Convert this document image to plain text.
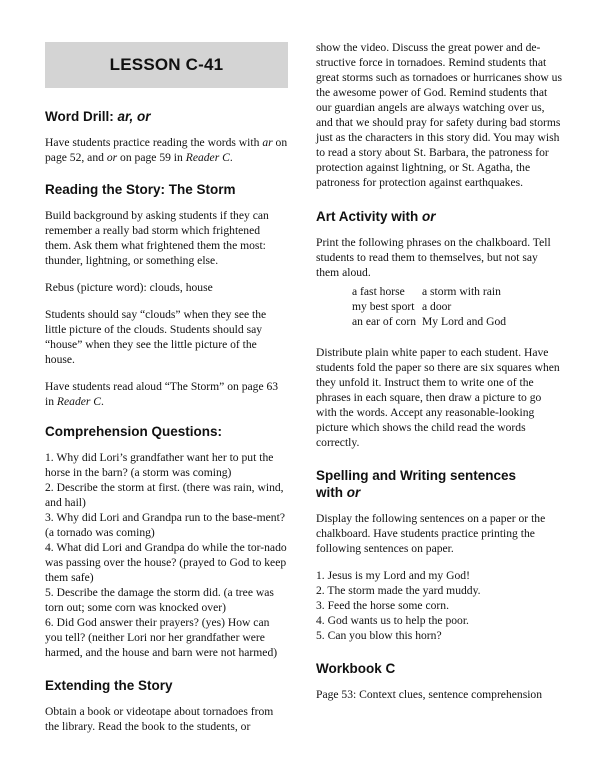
LESSON C-41
Word Drill: ar, or

Have students practice reading the words with ar on page 52, and or on page 59 in Reader C.

Reading the Story: The Storm

Build background by asking students if they can remember a really bad storm which frightened them. Ask them what frightened them the most: thunder, lightning, or something else.

Rebus (picture word): clouds, house

Students should say “clouds” when they see the little picture of the clouds. Students should say “house” when they see the little picture of the house.

Have students read aloud “The Storm” on page 63 in Reader C.

Comprehension Questions:
1. Why did Lori’s grandfather want her to put the horse in the barn? (a storm was coming)
2. Describe the storm at first. (there was rain, wind, and hail)
3. Why did Lori and Grandpa run to the base-ment? (a tornado was coming)
4. What did Lori and Grandpa do while the tor-nado was passing over the house? (prayed to God to keep them safe)
5. Describe the damage the storm did. (a tree was torn out; some corn was knocked over)
6. Did God answer their prayers? (yes) How can you tell? (neither Lori nor her grandfather were harmed, and the house and barn were not harmed)
Extending the Story

Obtain a book or videotape about tornadoes from the library. Read the book to the students, or

show the video. Discuss the great power and de-structive force in tornadoes. Remind students that great storms such as tornadoes or hurricanes show us the awesome power of God. Remind students that our guardian angels are always watching over us, and that we should pray for safety during bad storms just as the characters in this story did. You may wish to read a story about St. Barbara, the patroness for protection against lightning, or St. Agatha, the patroness for protection against earthquakes.

Art Activity with or

Print the following phrases on the chalkboard. Tell students to read them to themselves, but not say them aloud.

a fast horse	a storm with rain
my best sport a door
an ear of corn My Lord and God

Distribute plain white paper to each student. Have students fold the paper so there are six squares when they unfold it. Instruct them to write one of the phrases in each square, then draw a picture to go with the words. Accept any reasonable-looking picture which shows the child read the words correctly.

Spelling and Writing sentences
with or

Display the following sentences on a paper or the chalkboard. Have students practice printing the following sentences on paper.

1. Jesus is my Lord and my God!
2. The storm made the yard muddy.
3. Feed the horse some corn.
4. God wants us to help the poor.
5. Can you blow this horn?
Workbook C

Page 53: Context clues, sentence comprehension
